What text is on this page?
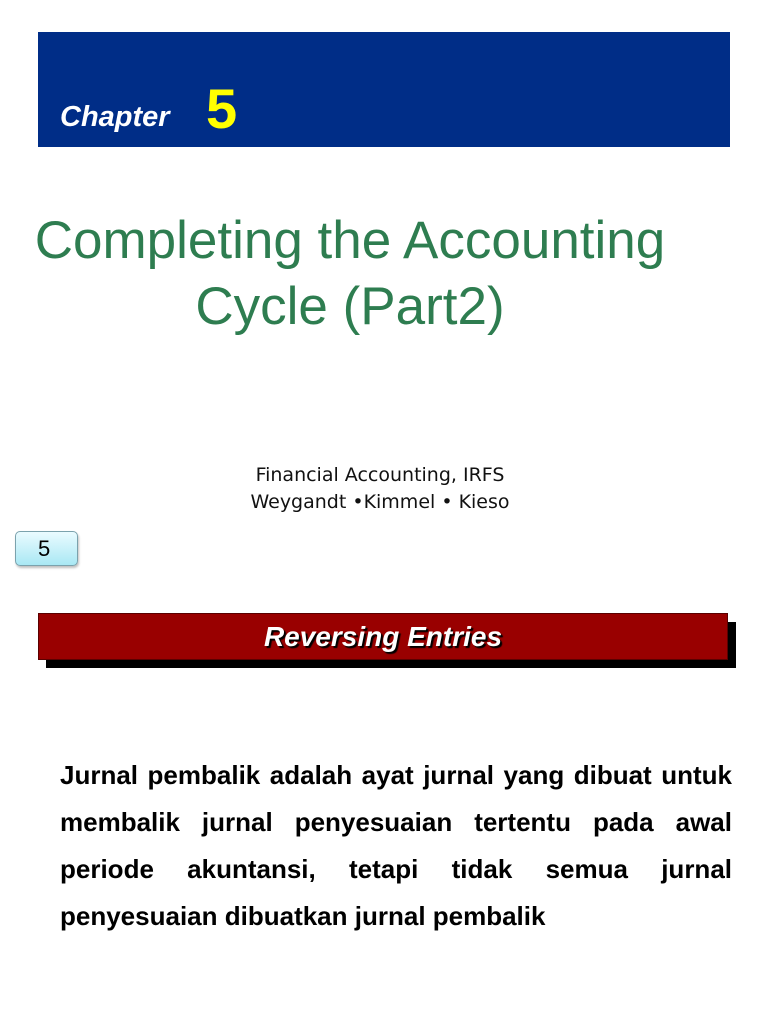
Chapter 5
Completing the Accounting
Cycle (Part2)
Financial Accounting, IRFS
Weygandt •Kimmel • Kieso
5
Reversing Entries

Jurnal pembalik adalah ayat jurnal yang dibuat untuk membalik jurnal penyesuaian tertentu pada awal periode akuntansi, tetapi tidak semua jurnal penyesuaian dibuatkan jurnal pembalik
